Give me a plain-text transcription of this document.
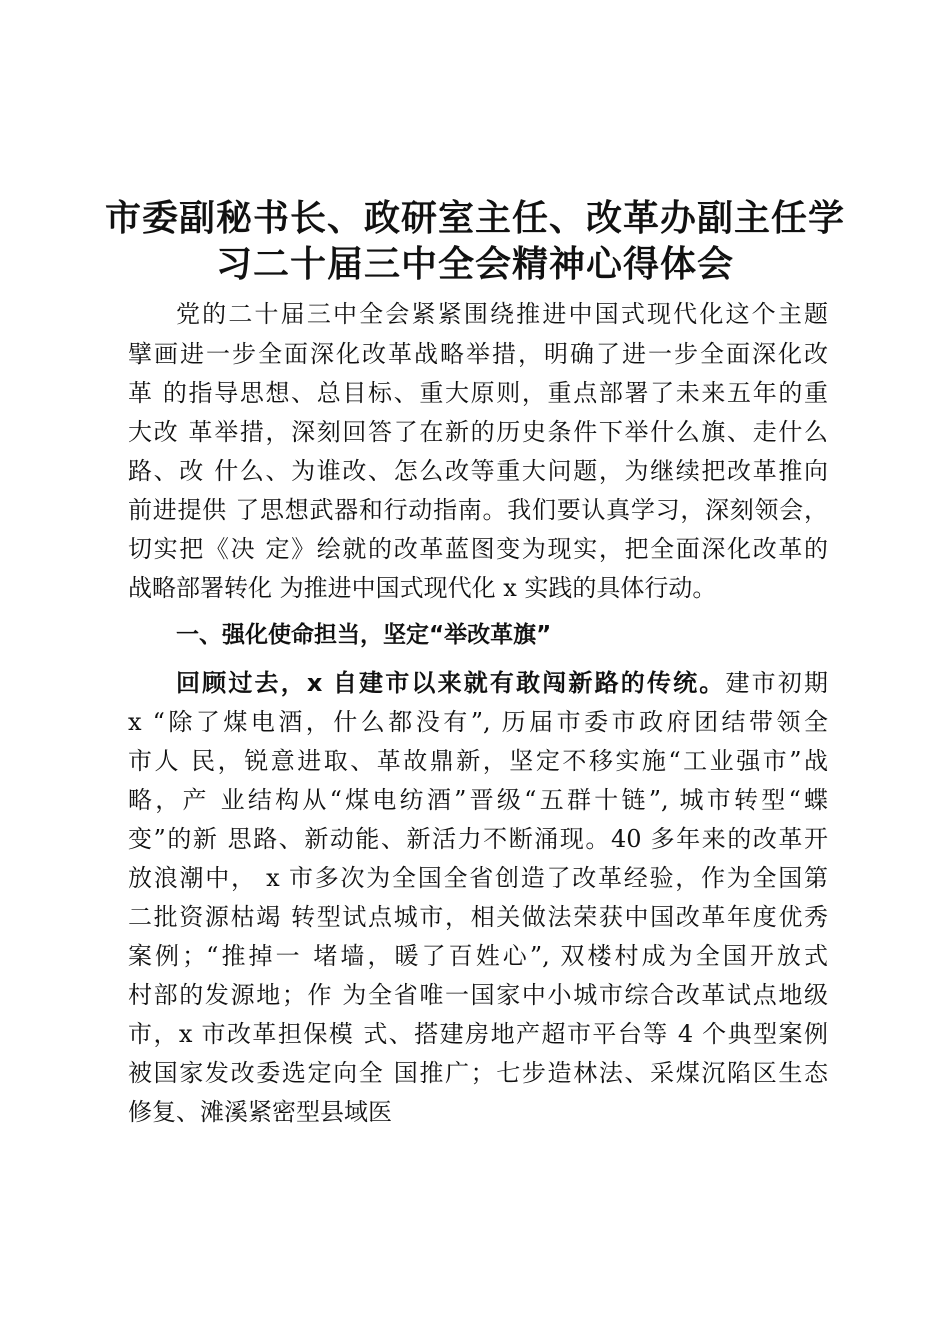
市委副秘书长、政研室主任、改革办副主任学
习二十届三中全会精神心得体会
党的二十届三中全会紧紧围绕推进中国式现代化这个主题
擘画进一步全面深化改革战略举措，明确了进一步全面深化改
革 的指导思想、总目标、重大原则，重点部署了未来五年的重
大改 革举措，深刻回答了在新的历史条件下举什么旗、走什么
路、改 什么、为谁改、怎么改等重大问题，为继续把改革推向
前进提供 了思想武器和行动指南。我们要认真学习，深刻领会，
切实把《决 定》绘就的改革蓝图变为现实，把全面深化改革的
战略部署转化 为推进中国式现代化 x 实践的具体行动。
一、强化使命担当，坚定“举改革旗”
回顾过去，x 自建市以来就有敢闯新路的传统。建市初期
x “除了煤电酒，什么都没有”, 历届市委市政府团结带领全
市人 民，锐意进取、革故鼎新，坚定不移实施“工业强市”战
略，产 业结构从“煤电纺酒”晋级“五群十链”, 城市转型“蝶
变”的新 思路、新动能、新活力不断涌现。40 多年来的改革开
放浪潮中， x 市多次为全国全省创造了改革经验，作为全国第
二批资源枯竭 转型试点城市，相关做法荣获中国改革年度优秀
案例；“推掉一 堵墙，暖了百姓心”, 双楼村成为全国开放式
村部的发源地；作 为全省唯一国家中小城市综合改革试点地级
市，x 市改革担保模 式、搭建房地产超市平台等 4 个典型案例
被国家发改委选定向全 国推广；七步造林法、采煤沉陷区生态
修复、滩溪紧密型县域医
